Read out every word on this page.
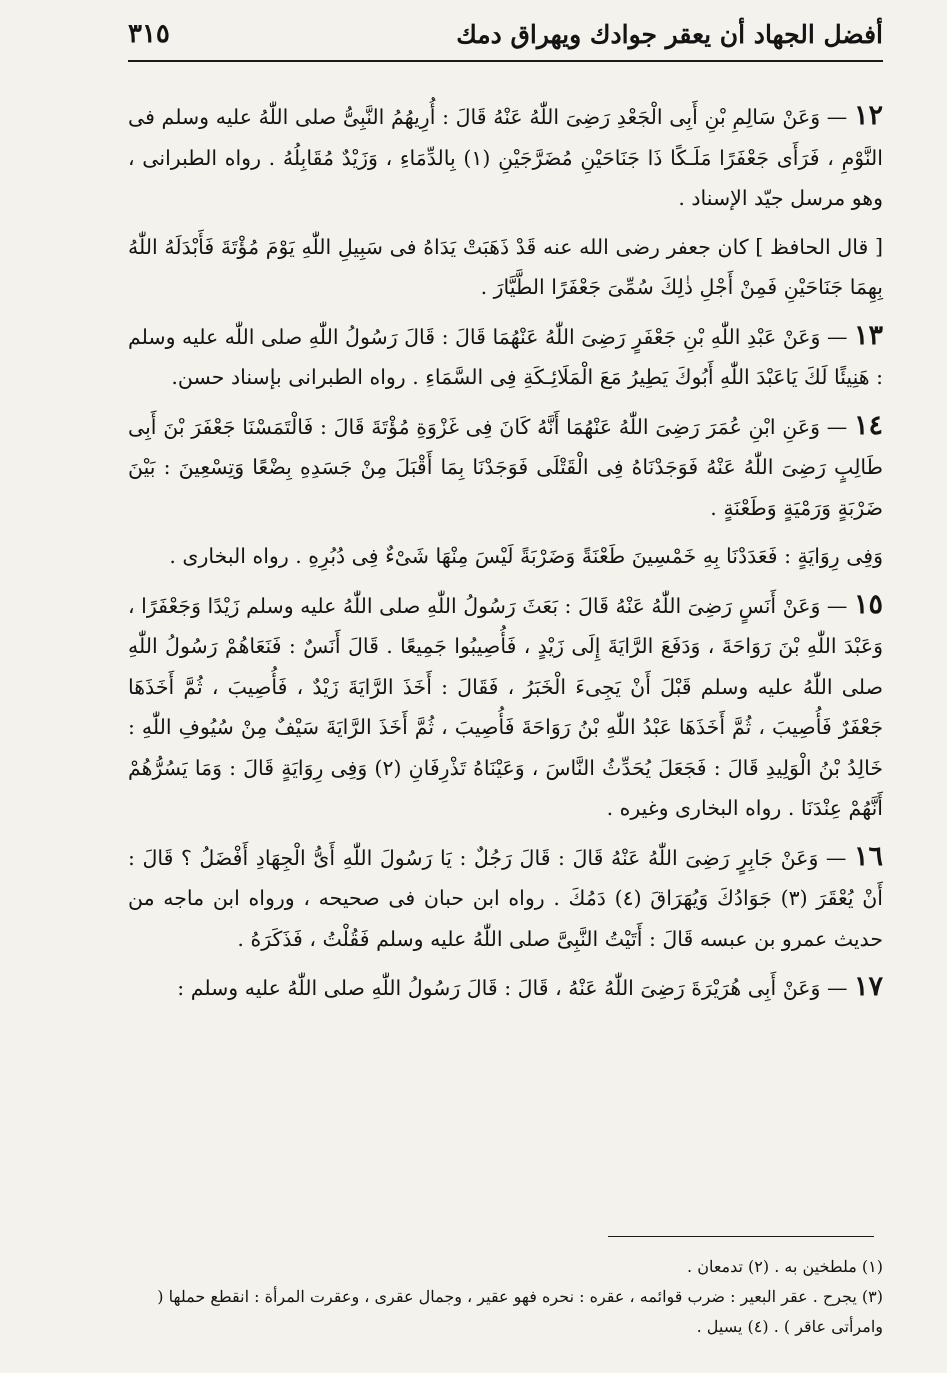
أفضل الجهاد أن يعقر جوادك ويهراق دمك
٣١٥

١٢ — وَعَنْ سَالِمِ بْنِ أَبِى الْجَعْدِ رَضِىَ اللّٰهُ عَنْهُ قَالَ : أُرِيهُمُ النَّبِىُّ صلى اللّٰهُ عليه وسلم فى النَّوْمِ ، فَرَأَى جَعْفَرًا مَلَـكًا ذَا جَنَاحَيْنِ مُضَرَّجَيْنِ (١) بِالدِّمَاءِ ، وَزَيْدٌ مُقَابِلُهُ . رواه الطبرانى ، وهو مرسل جيّد الإسناد .

[ قال الحافظ ] كان جعفر رضى الله عنه قَدْ ذَهَبَتْ يَدَاهُ فى سَبِيلِ اللّٰهِ يَوْمَ مُؤْتَةَ فَأَبْدَلَهُ اللّٰهُ بِهِمَا جَنَاحَيْنِ فَمِنْ أَجْلِ ذٰلِكَ سُمِّىَ جَعْفَرًا الطَّيَّارَ .

١٣ — وَعَنْ عَبْدِ اللّٰهِ بْنِ جَعْفَرٍ رَضِىَ اللّٰهُ عَنْهُمَا قَالَ : قَالَ رَسُولُ اللّٰهِ صلى اللّٰه عليه وسلم : هَنِيئًا لَكَ يَاعَبْدَ اللّٰهِ أَبُوكَ يَطِيرُ مَعَ الْمَلَائِـكَةِ فِى السَّمَاءِ . رواه الطبرانى بإسناد حسن.

١٤ — وَعَنِ ابْنِ عُمَرَ رَضِىَ اللّٰهُ عَنْهُمَا أَنَّهُ كَانَ فِى غَزْوَةِ مُؤْتَةَ قَالَ : فَالْتَمَسْنَا جَعْفَرَ بْنَ أَبِى طَالِبٍ رَضِىَ اللّٰهُ عَنْهُ فَوَجَدْنَاهُ فِى الْقَتْلَى فَوَجَدْنَا بِمَا أَقْبَلَ مِنْ جَسَدِهِ بِضْعًا وَتِسْعِينَ : بَيْنَ ضَرْبَةٍ وَرَمْيَةٍ وَطَعْنَةٍ .

وَفِى رِوَايَةٍ : فَعَدَدْنَا بِهِ خَمْسِينَ طَعْنَةً وَضَرْبَةً لَيْسَ مِنْهَا شَىْءٌ فِى دُبُرِهِ . رواه البخارى .

١٥ — وَعَنْ أَنَسٍ رَضِىَ اللّٰهُ عَنْهُ قَالَ : بَعَثَ رَسُولُ اللّٰهِ صلى اللّٰهُ عليه وسلم زَيْدًا وَجَعْفَرًا ، وَعَبْدَ اللّٰهِ بْنَ رَوَاحَةَ ، وَدَفَعَ الرَّايَةَ إِلَى زَيْدٍ ، فَأُصِيبُوا جَمِيعًا . قَالَ أَنَسٌ : فَنَعَاهُمْ رَسُولُ اللّٰهِ صلى اللّٰهُ عليه وسلم قَبْلَ أَنْ يَجِىءَ الْخَبَرُ ، فَقَالَ : أَخَذَ الرَّايَةَ زَيْدٌ ، فَأُصِيبَ ، ثُمَّ أَخَذَهَا جَعْفَرٌ فَأُصِيبَ ، ثُمَّ أَخَذَهَا عَبْدُ اللّٰهِ بْنُ رَوَاحَةَ فَأُصِيبَ ، ثُمَّ أَخَذَ الرَّايَةَ سَيْفٌ مِنْ سُيُوفِ اللّٰهِ : خَالِدُ بْنُ الْوَلِيدِ قَالَ : فَجَعَلَ يُحَدِّثُ النَّاسَ ، وَعَيْنَاهُ تَذْرِفَانِ (٢) وَفِى رِوَايَةٍ قَالَ : وَمَا يَسُرُّهُمْ أَنَّهُمْ عِنْدَنَا . رواه البخارى وغيره .

١٦ — وَعَنْ جَابِرٍ رَضِىَ اللّٰهُ عَنْهُ قَالَ : قَالَ رَجُلٌ : يَا رَسُولَ اللّٰهِ أَىُّ الْجِهَادِ أَفْضَلُ ؟ قَالَ : أَنْ يُعْقَرَ (٣) جَوَادُكَ وَيُهَرَاقَ (٤) دَمُكَ . رواه ابن حبان فى صحيحه ، ورواه ابن ماجه من حديث عمرو بن عبسه قَالَ : أَتَيْتُ النَّبِىَّ صلى اللّٰهُ عليه وسلم فَقُلْتُ ، فَذَكَرَهُ .

١٧ — وَعَنْ أَبِى هُرَيْرَةَ رَضِىَ اللّٰهُ عَنْهُ ، قَالَ : قَالَ رَسُولُ اللّٰهِ صلى اللّٰهُ عليه وسلم :

(١) ملطخين به . (٢) تدمعان .

(٣) يجرح . عقر البعير : ضرب قوائمه ، عقره : نحره فهو عقير ، وجمال عقرى ، وعقرت المرأة : انقطع حملها ( وامرأتى عاقر ) . (٤) يسيل .
